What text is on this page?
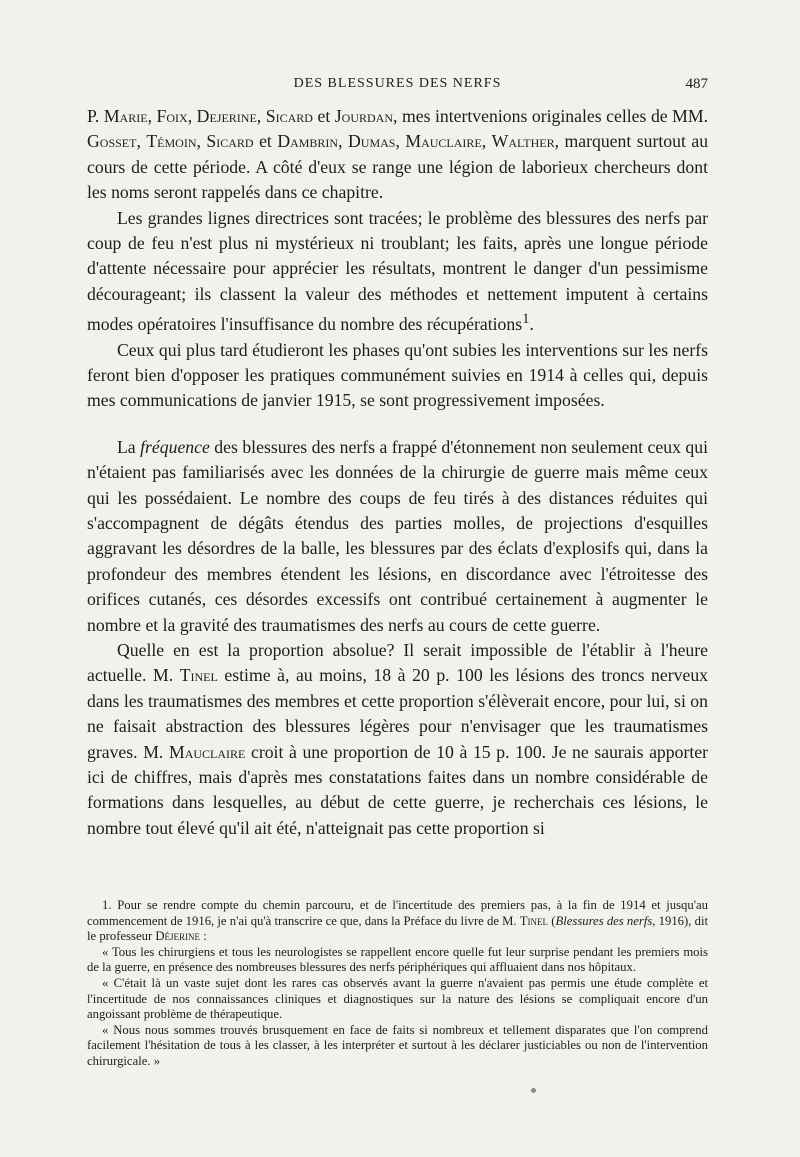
DES BLESSURES DES NERFS	487

P. Marie, Foix, Dejerine, Sicard et Jourdan, mes intertvenions originales celles de MM. Gosset, Témoin, Sicard et Dambrin, Dumas, Mauclaire, Walther, marquent surtout au cours de cette période. A côté d'eux se range une légion de laborieux chercheurs dont les noms seront rappelés dans ce chapitre.

Les grandes lignes directrices sont tracées; le problème des blessures des nerfs par coup de feu n'est plus ni mystérieux ni troublant; les faits, après une longue période d'attente nécessaire pour apprécier les résultats, montrent le danger d'un pessimisme décourageant; ils classent la valeur des méthodes et nettement imputent à certains modes opératoires l'insuffisance du nombre des récupérations$^1$.

Ceux qui plus tard étudieront les phases qu'ont subies les interventions sur les nerfs feront bien d'opposer les pratiques communément suivies en 1914 à celles qui, depuis mes communications de janvier 1915, se sont progressivement imposées.

La fréquence des blessures des nerfs a frappé d'étonnement non seulement ceux qui n'étaient pas familiarisés avec les données de la chirurgie de guerre mais même ceux qui les possédaient. Le nombre des coups de feu tirés à des distances réduites qui s'accompagnent de dégâts étendus des parties molles, de projections d'esquilles aggravant les désordres de la balle, les blessures par des éclats d'explosifs qui, dans la profondeur des membres étendent les lésions, en discordance avec l'étroitesse des orifices cutanés, ces désordes excessifs ont contribué certainement à augmenter le nombre et la gravité des traumatismes des nerfs au cours de cette guerre.

Quelle en est la proportion absolue? Il serait impossible de l'établir à l'heure actuelle. M. Tinel estime à, au moins, 18 à 20 p. 100 les lésions des troncs nerveux dans les traumatismes des membres et cette proportion s'élèverait encore, pour lui, si on ne faisait abstraction des blessures légères pour n'envisager que les traumatismes graves. M. Mauclaire croit à une proportion de 10 à 15 p. 100. Je ne saurais apporter ici de chiffres, mais d'après mes constatations faites dans un nombre considérable de formations dans lesquelles, au début de cette guerre, je recherchais ces lésions, le nombre tout élevé qu'il ait été, n'atteignait pas cette proportion si

1. Pour se rendre compte du chemin parcouru, et de l'incertitude des premiers pas, à la fin de 1914 et jusqu'au commencement de 1916, je n'ai qu'à transcrire ce que, dans la Préface du livre de M. Tinel (Blessures des nerfs, 1916), dit le professeur Déjerine :

« Tous les chirurgiens et tous les neurologistes se rappellent encore quelle fut leur surprise pendant les premiers mois de la guerre, en présence des nombreuses blessures des nerfs périphériques qui affluaient dans nos hôpitaux.

« C'était là un vaste sujet dont les rares cas observés avant la guerre n'avaient pas permis une étude complète et l'incertitude de nos connaissances cliniques et diagnostiques sur la nature des lésions se compliquait encore d'un angoissant problème de thérapeutique.

« Nous nous sommes trouvés brusquement en face de faits si nombreux et tellement disparates que l'on comprend facilement l'hésitation de tous à les classer, à les interpréter et surtout à les déclarer justiciables ou non de l'intervention chirurgicale. »
